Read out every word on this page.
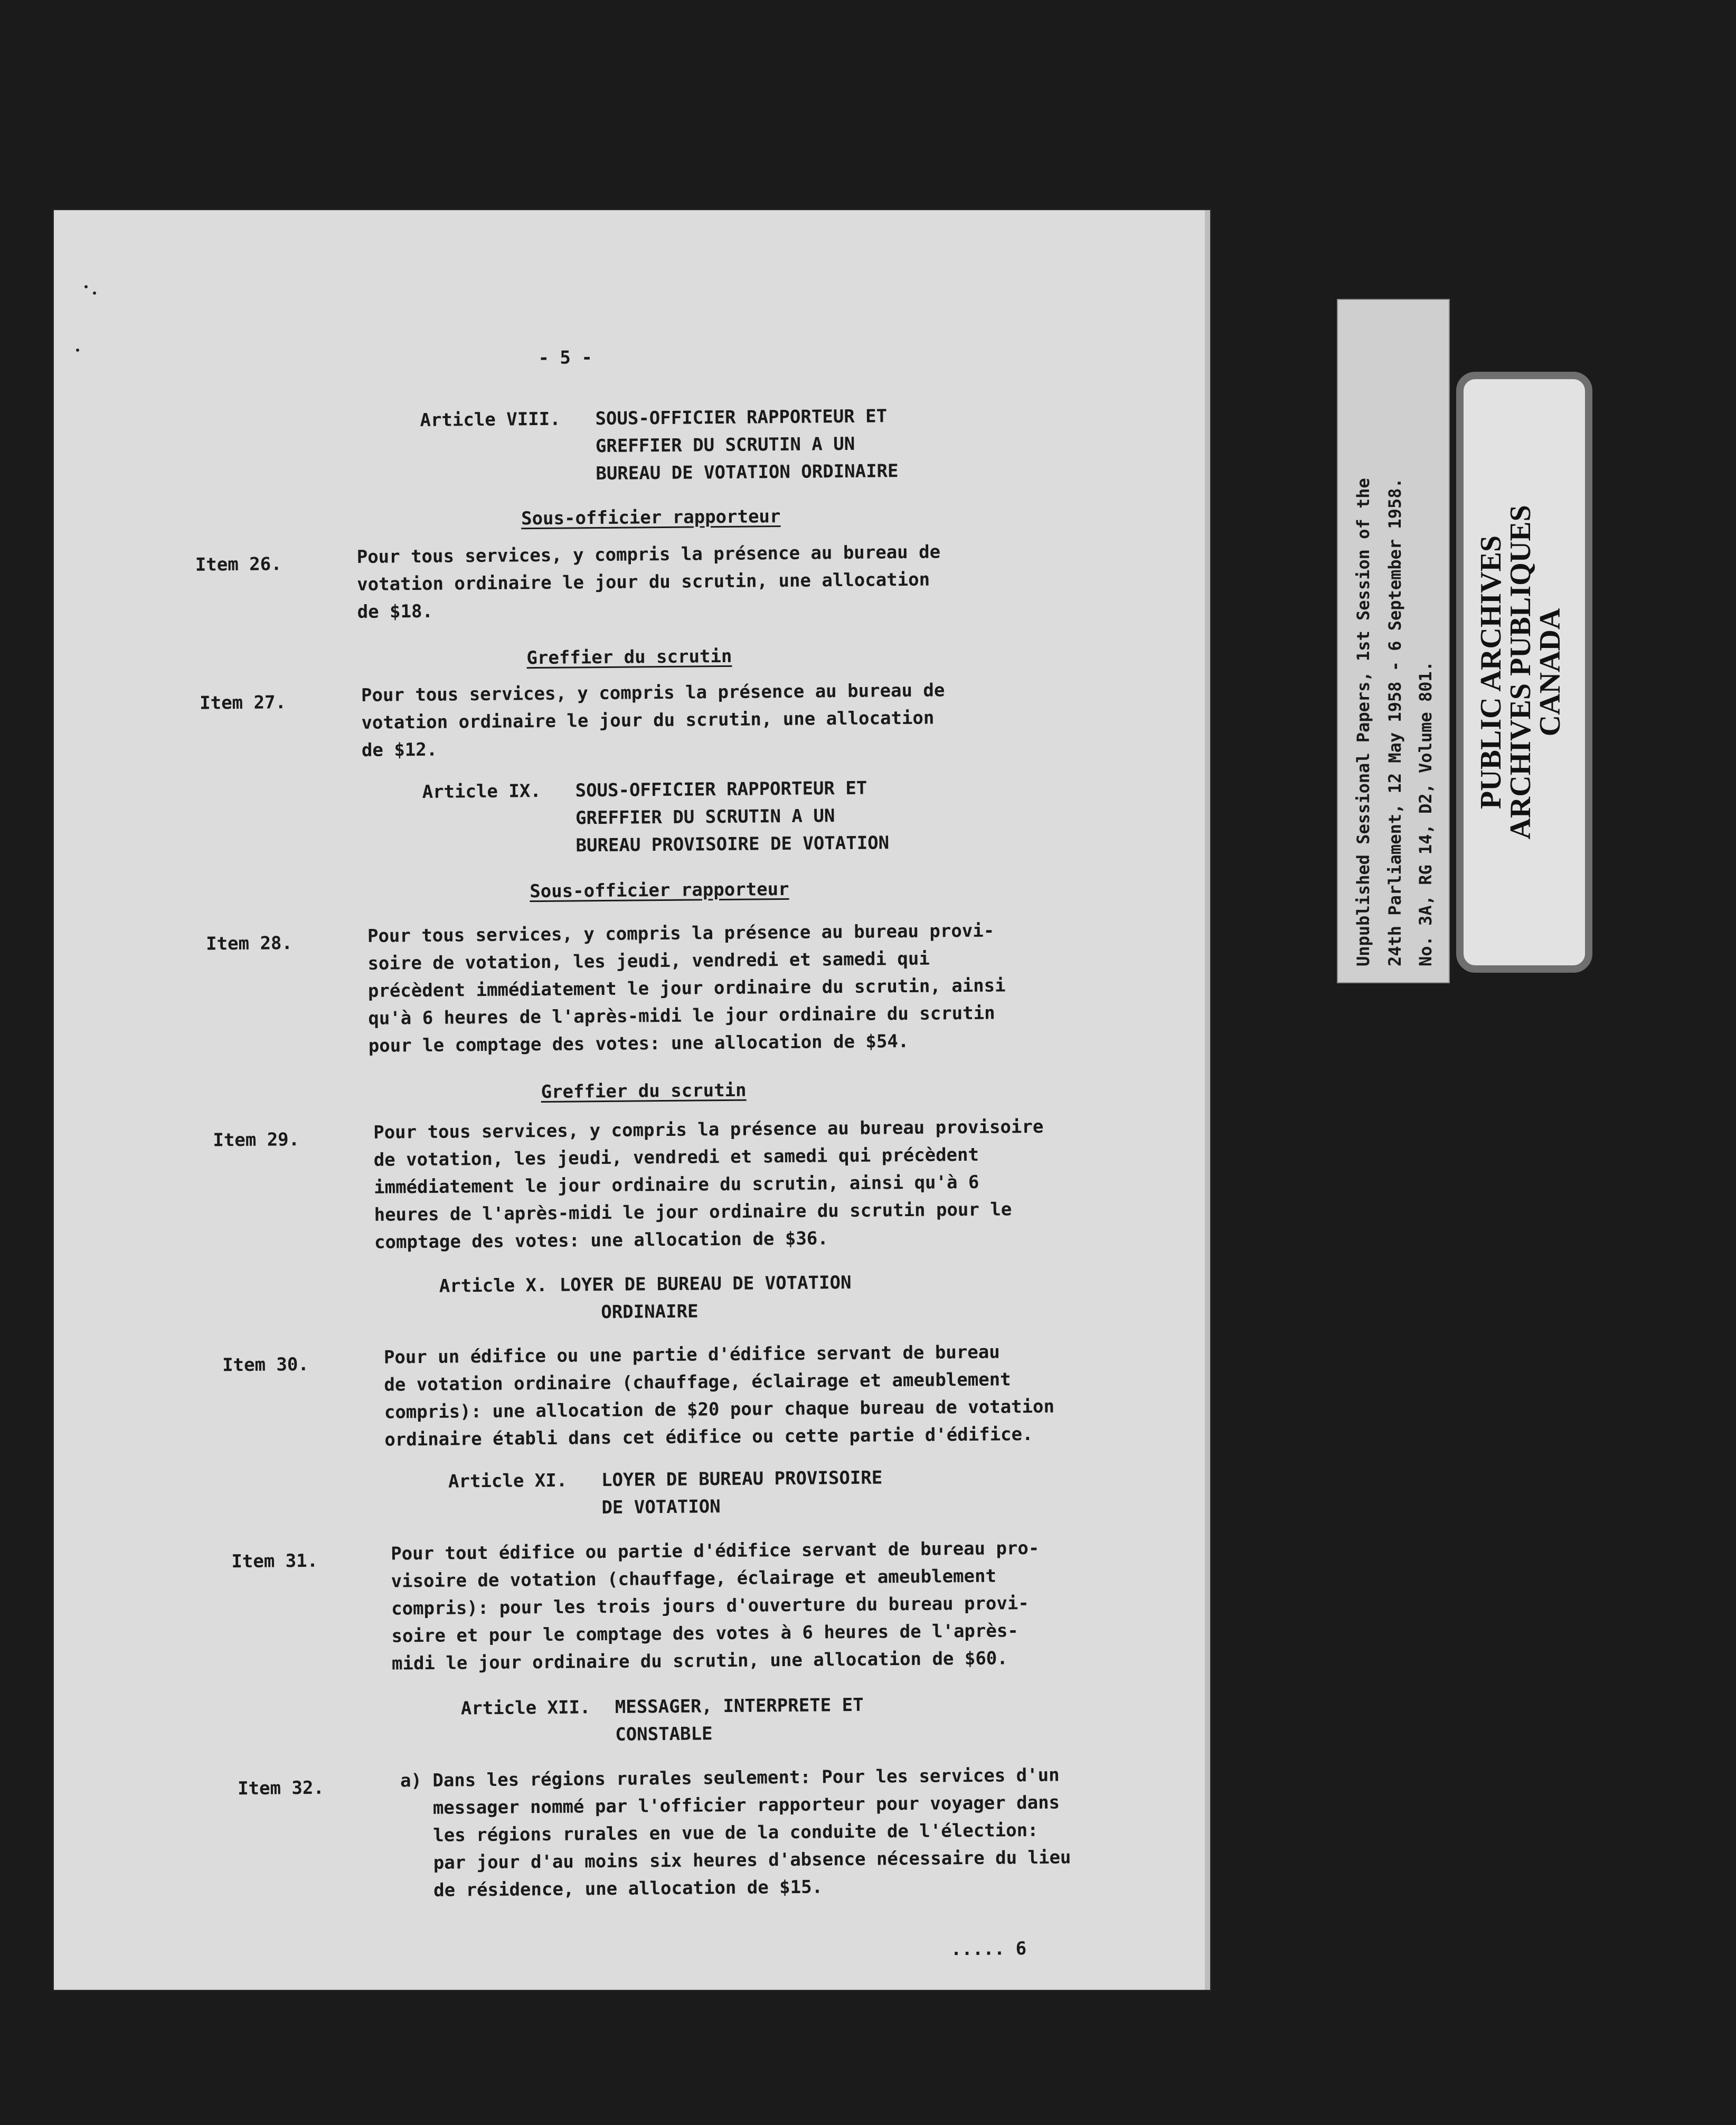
- 5 -
Article VIII. SOUS-OFFICIER RAPPORTEUR ET
GREFFIER DU SCRUTIN A UN
BUREAU DE VOTATION ORDINAIRE
Sous-officier rapporteur
Item 26.	Pour tous services, y compris la présence au bureau de
votation ordinaire le jour du scrutin, une allocation
de $18.
Greffier du scrutin
Item 27.	Pour tous services, y compris la présence au bureau de
votation ordinaire le jour du scrutin, une allocation
de $12.
Article IX. SOUS-OFFICIER RAPPORTEUR ET
GREFFIER DU SCRUTIN A UN
BUREAU PROVISOIRE DE VOTATION
Sous-officier rapporteur
Item 28.	Pour tous services, y compris la présence au bureau provi-
soire de votation, les jeudi, vendredi et samedi qui
précèdent immédiatement le jour ordinaire du scrutin, ainsi
qu'à 6 heures de l'après-midi le jour ordinaire du scrutin
pour le comptage des votes: une allocation de $54.
Greffier du scrutin
Item 29.	Pour tous services, y compris la présence au bureau provisoire
de votation, les jeudi, vendredi et samedi qui précèdent
immédiatement le jour ordinaire du scrutin, ainsi qu'à 6
heures de l'après-midi le jour ordinaire du scrutin pour le
comptage des votes: une allocation de $36.
Article X. LOYER DE BUREAU DE VOTATION
ORDINAIRE
Item 30.	Pour un édifice ou une partie d'édifice servant de bureau
de votation ordinaire (chauffage, éclairage et ameublement
compris): une allocation de $20 pour chaque bureau de votation
ordinaire établi dans cet édifice ou cette partie d'édifice.
Article XI. LOYER DE BUREAU PROVISOIRE
DE VOTATION
Item 31.	Pour tout édifice ou partie d'édifice servant de bureau pro-
visoire de votation (chauffage, éclairage et ameublement
compris): pour les trois jours d'ouverture du bureau provi-
soire et pour le comptage des votes à 6 heures de l'après-
midi le jour ordinaire du scrutin, une allocation de $60.
Article XII. MESSAGER, INTERPRETE ET
CONSTABLE
Item 32.	a) Dans les régions rurales seulement: Pour les services d'un
messager nommé par l'officier rapporteur pour voyager dans
les régions rurales en vue de la conduite de l'élection:
par jour d'au moins six heures d'absence nécessaire du lieu
de résidence, une allocation de $15.
..... 6
Unpublished Sessional Papers, 1st Session of the 24th Parliament, 12 May 1958 - 6 September 1958. No. 3A, RG 14, D2, Volume 801. PUBLIC ARCHIVES
ARCHIVES PUBLIQUES
CANADA
